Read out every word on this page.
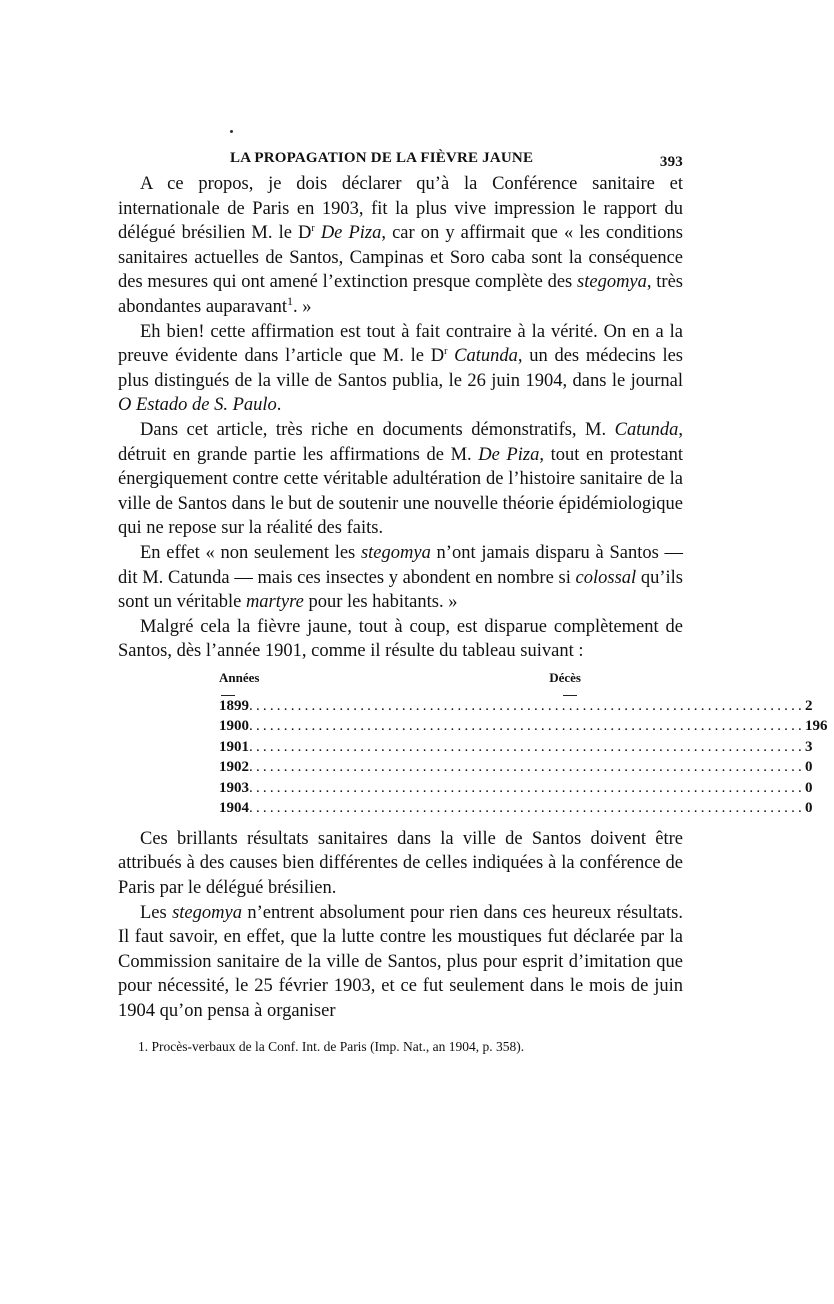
LA PROPAGATION DE LA FIÈVRE JAUNE	393

A ce propos, je dois déclarer qu’à la Conférence sanitaire et internationale de Paris en 1903, fit la plus vive impression le rapport du délégué brésilien M. le $D^r$ De Piza, car on y affirmait que « les conditions sanitaires actuelles de Santos, Campinas et Soro caba sont la conséquence des mesures qui ont amené l’extinction presque complète des stegomya, très abondantes auparavant$^1$. »

Eh bien! cette affirmation est tout à fait contraire à la vérité. On en a la preuve évidente dans l’article que M. le $D^r$ Catunda, un des médecins les plus distingués de la ville de Santos publia, le 26 juin 1904, dans le journal O Estado de S. Paulo.

Dans cet article, très riche en documents démonstratifs, M. Catunda, détruit en grande partie les affirmations de M. De Piza, tout en protestant énergiquement contre cette véritable adultération de l’histoire sanitaire de la ville de Santos dans le but de soutenir une nouvelle théorie épidémiologique qui ne repose sur la réalité des faits.

En effet « non seulement les stegomya n’ont jamais disparu à Santos — dit M. Catunda — mais ces insectes y abondent en nombre si colossal qu’ils sont un véritable martyre pour les habitants. »

Malgré cela la fièvre jaune, tout à coup, est disparue complètement de Santos, dès l’année 1901, comme il résulte du tableau suivant :

Années	Décès
1899 ................................................................................ 2
1900 ................................................................................ 196
1901 ................................................................................ 3
1902 ................................................................................ 0
1903 ................................................................................ 0
1904 ................................................................................ 0

Ces brillants résultats sanitaires dans la ville de Santos doivent être attribués à des causes bien différentes de celles indiquées à la conférence de Paris par le délégué brésilien.

Les stegomya n’entrent absolument pour rien dans ces heureux résultats. Il faut savoir, en effet, que la lutte contre les moustiques fut déclarée par la Commission sanitaire de la ville de Santos, plus pour esprit d’imitation que pour nécessité, le 25 février 1903, et ce fut seulement dans le mois de juin 1904 qu’on pensa à organiser

1. Procès-verbaux de la Conf. Int. de Paris (Imp. Nat., an 1904, p. 358).
